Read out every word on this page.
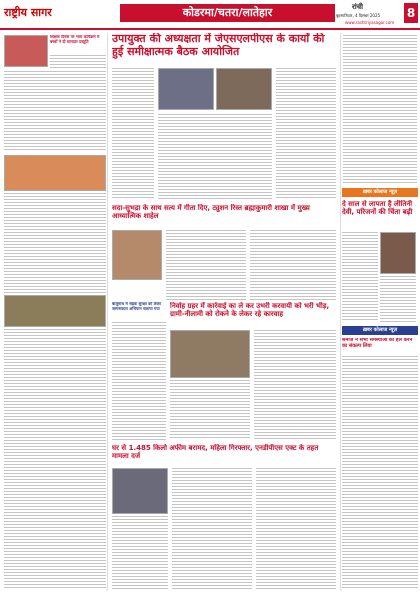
राष्ट्रीय सागर	कोडरमा/चतरा/लातेहार	रांची
बृहस्पतिवार, 4 दिसंबर 2025
www.rashtriyasagar.com
8
शिक्षक दिवस पर भव्य कार्यक्रम में बच्चों ने दी शानदार प्रस्तुति	उपायुक्त की अध्यक्षता में जेएसएलपीएस के कार्यों की हुई समीक्षात्मक बैठक आयोजित
सदा-सुभद्रा के साथ सत्य में गीता दिए, ट्युशन रिस्त ब्रह्माकुमारी शाखा में मुख्य आध्यात्मिक शाहेल
बालूमाथ में सड़क सुरक्षा को लेकर जागरूकता अभियान चलाया गया	निर्वाह ग्रहर में कार्रवाई का ले कर उभरी करवायी को भरी भीड़, ग्रामी-नीलामी को रोकने के लेकर रहे कारवाह
घर से 1.485 किलो अफीम बरामद, महिला गिरफ्तार, एनडीपीएस एक्ट के तहत मामला दर्ज
ख़बर कोलाज न्यूज़
दे साल से लापता है लीतिनी देवी, परिजनों की चिंता बढ़ी
ख़बर कोलाज न्यूज़
समाज ने सभी समस्याओं को हल करने का संकल्प लिया
